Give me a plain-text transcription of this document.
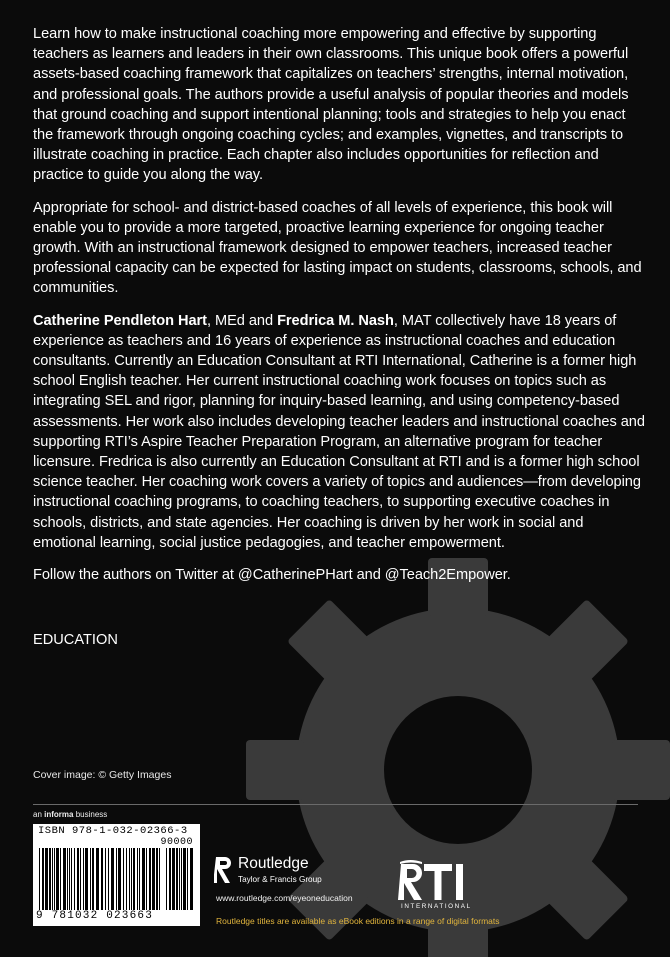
Learn how to make instructional coaching more empowering and effective by supporting teachers as learners and leaders in their own classrooms. This unique book offers a powerful assets-based coaching framework that capitalizes on teachers’ strengths, internal motivation, and professional goals. The authors provide a useful analysis of popular theories and models that ground coaching and support intentional planning; tools and strategies to help you enact the framework through ongoing coaching cycles; and examples, vignettes, and transcripts to illustrate coaching in practice. Each chapter also includes opportunities for reflection and practice to guide you along the way.

Appropriate for school- and district-based coaches of all levels of experience, this book will enable you to provide a more targeted, proactive learning experience for ongoing teacher growth. With an instructional framework designed to empower teachers, increased teacher professional capacity can be expected for lasting impact on students, classrooms, schools, and communities.

Catherine Pendleton Hart, MEd and Fredrica M. Nash, MAT collectively have 18 years of experience as teachers and 16 years of experience as instructional coaches and education consultants. Currently an Education Consultant at RTI International, Catherine is a former high school English teacher. Her current instructional coaching work focuses on topics such as integrating SEL and rigor, planning for inquiry-based learning, and using competency-based assessments. Her work also includes developing teacher leaders and instructional coaches and supporting RTI’s Aspire Teacher Preparation Program, an alternative program for teacher licensure. Fredrica is also currently an Education Consultant at RTI and is a former high school science teacher. Her coaching work covers a variety of topics and audiences—from developing instructional coaching programs, to coaching teachers, to supporting executive coaches in schools, districts, and state agencies. Her coaching is driven by her work in social and emotional learning, social justice pedagogies, and teacher empowerment.

Follow the authors on Twitter at @CatherinePHart and @Teach2Empower.

EDUCATION
Cover image: © Getty Images
an informa business
ISBN 978-1-032-02366-3
90000
9 781032 023663
Routledge
Taylor & Francis Group
www.routledge.com/eyeoneducation
INTERNATIONAL
RTI
Routledge titles are available as eBook editions in a range of digital formats
